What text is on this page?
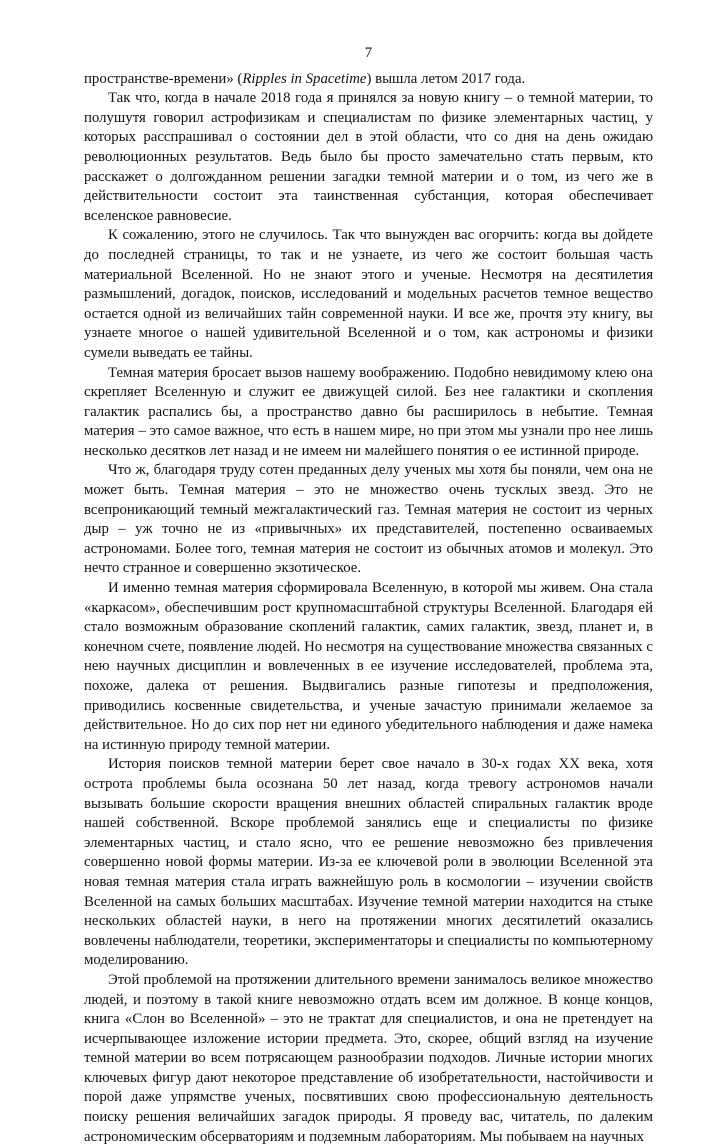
7

пространстве-времени» (Ripples in Spacetime) вышла летом 2017 года.

Так что, когда в начале 2018 года я принялся за новую книгу – о темной материи, то полушутя говорил астрофизикам и специалистам по физике элементарных частиц, у которых расспрашивал о состоянии дел в этой области, что со дня на день ожидаю революционных результатов. Ведь было бы просто замечательно стать первым, кто расскажет о долгожданном решении загадки темной материи и о том, из чего же в действительности состоит эта таинственная субстанция, которая обеспечивает вселенское равновесие.

К сожалению, этого не случилось. Так что вынужден вас огорчить: когда вы дойдете до последней страницы, то так и не узнаете, из чего же состоит большая часть материальной Вселенной. Но не знают этого и ученые. Несмотря на десятилетия размышлений, догадок, поисков, исследований и модельных расчетов темное вещество остается одной из величайших тайн современной науки. И все же, прочтя эту книгу, вы узнаете многое о нашей удивительной Вселенной и о том, как астрономы и физики сумели выведать ее тайны.

Темная материя бросает вызов нашему воображению. Подобно невидимому клею она скрепляет Вселенную и служит ее движущей силой. Без нее галактики и скопления галактик распались бы, а пространство давно бы расширилось в небытие. Темная материя – это самое важное, что есть в нашем мире, но при этом мы узнали про нее лишь несколько десятков лет назад и не имеем ни малейшего понятия о ее истинной природе.

Что ж, благодаря труду сотен преданных делу ученых мы хотя бы поняли, чем она не может быть. Темная материя – это не множество очень тусклых звезд. Это не всепроникающий темный межгалактический газ. Темная материя не состоит из черных дыр – уж точно не из «привычных» их представителей, постепенно осваиваемых астрономами. Более того, темная материя не состоит из обычных атомов и молекул. Это нечто странное и совершенно экзотическое.

И именно темная материя сформировала Вселенную, в которой мы живем. Она стала «каркасом», обеспечившим рост крупномасштабной структуры Вселенной. Благодаря ей стало возможным образование скоплений галактик, самих галактик, звезд, планет и, в конечном счете, появление людей. Но несмотря на существование множества связанных с нею научных дисциплин и вовлеченных в ее изучение исследователей, проблема эта, похоже, далека от решения. Выдвигались разные гипотезы и предположения, приводились косвенные свидетельства, и ученые зачастую принимали желаемое за действительное. Но до сих пор нет ни единого убедительного наблюдения и даже намека на истинную природу темной материи.

История поисков темной материи берет свое начало в 30-х годах XX века, хотя острота проблемы была осознана 50 лет назад, когда тревогу астрономов начали вызывать большие скорости вращения внешних областей спиральных галактик вроде нашей собственной. Вскоре проблемой занялись еще и специалисты по физике элементарных частиц, и стало ясно, что ее решение невозможно без привлечения совершенно новой формы материи. Из-за ее ключевой роли в эволюции Вселенной эта новая темная материя стала играть важнейшую роль в космологии – изучении свойств Вселенной на самых больших масштабах. Изучение темной материи находится на стыке нескольких областей науки, в него на протяжении многих десятилетий оказались вовлечены наблюдатели, теоретики, экспериментаторы и специалисты по компьютерному моделированию.

Этой проблемой на протяжении длительного времени занималось великое множество людей, и поэтому в такой книге невозможно отдать всем им должное. В конце концов, книга «Слон во Вселенной» – это не трактат для специалистов, и она не претендует на исчерпывающее изложение истории предмета. Это, скорее, общий взгляд на изучение темной материи во всем потрясающем разнообразии подходов. Личные истории многих ключевых фигур дают некоторое представление об изобретательности, настойчивости и порой даже упрямстве ученых, посвятивших свою профессиональную деятельность поиску решения величайших загадок природы. Я проведу вас, читатель, по далеким астрономическим обсерваториям и подземным лабораториям. Мы побываем на научных
